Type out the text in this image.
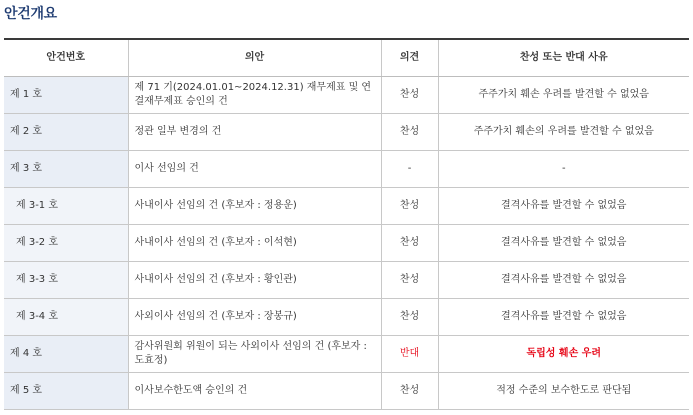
안건개요
안건번호	의안	의견	찬성 또는 반대 사유
제 1 호	제 71 기(2024.01.01~2024.12.31) 재무제표 및 연결재무제표 승인의 건	찬성	주주가치 훼손 우려를 발견할 수 없었음
제 2 호	정관 일부 변경의 건	찬성	주주가치 훼손의 우려를 발견할 수 없었음
제 3 호	이사 선임의 건	-	-
제 3-1 호	사내이사 선임의 건 (후보자 : 정용운)	찬성	결격사유를 발견할 수 없었음
제 3-2 호	사내이사 선임의 건 (후보자 : 이석현)	찬성	결격사유를 발견할 수 없었음
제 3-3 호	사내이사 선임의 건 (후보자 : 황인관)	찬성	결격사유를 발견할 수 없었음
제 3-4 호	사외이사 선임의 건 (후보자 : 장봉규)	찬성	결격사유를 발견할 수 없었음
제 4 호	감사위원회 위원이 되는 사외이사 선임의 건 (후보자 : 도효정)	반대	독립성 훼손 우려
제 5 호	이사보수한도액 승인의 건	찬성	적정 수준의 보수한도로 판단됨
